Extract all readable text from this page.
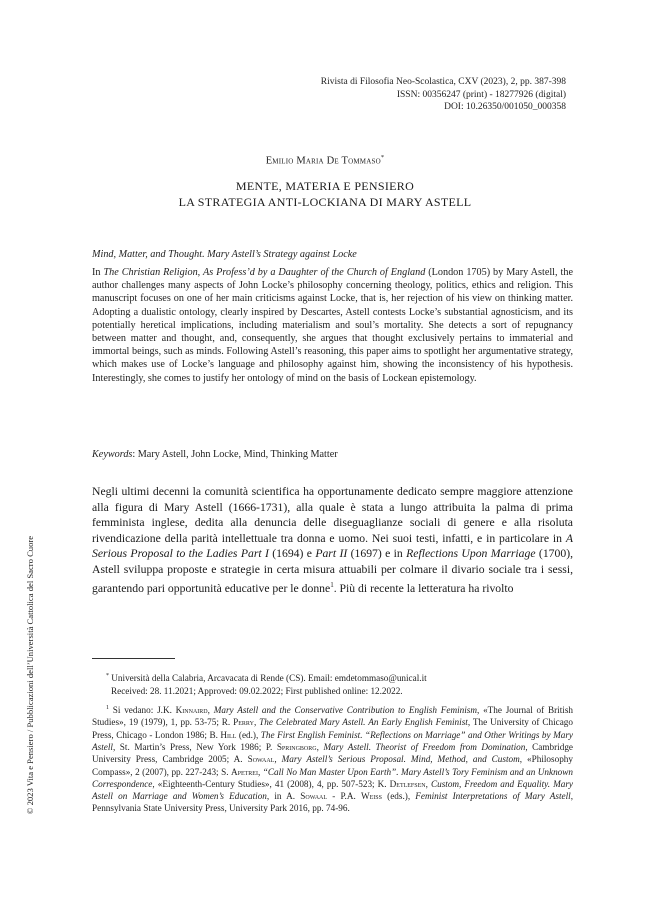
Rivista di Filosofia Neo-Scolastica, CXV (2023), 2, pp. 387-398
ISSN: 00356247 (print) - 18277926 (digital)
DOI: 10.26350/001050_000358
Emilio Maria De Tommaso*
MENTE, MATERIA E PENSIERO
LA STRATEGIA ANTI-LOCKIANA DI MARY ASTELL
Mind, Matter, and Thought. Mary Astell’s Strategy against Locke

In The Christian Religion, As Profess’d by a Daughter of the Church of England (London 1705) by Mary Astell, the author challenges many aspects of John Locke’s philosophy concerning theology, politics, ethics and religion. This manuscript focuses on one of her main criticisms against Locke, that is, her rejection of his view on thinking matter. Adopting a dualistic ontology, clearly inspired by Descartes, Astell contests Locke’s substantial agnosticism, and its potentially heretical implications, including materialism and soul’s mortality. She detects a sort of repugnancy between matter and thought, and, consequently, she argues that thought exclusively pertains to immaterial and immortal beings, such as minds. Following Astell’s reasoning, this paper aims to spotlight her argumentative strategy, which makes use of Locke’s language and philosophy against him, showing the inconsistency of his hypothesis. Interestingly, she comes to justify her ontology of mind on the basis of Lockean epistemology.

Keywords: Mary Astell, John Locke, Mind, Thinking Matter

Negli ultimi decenni la comunità scientifica ha opportunamente dedicato sempre maggiore attenzione alla figura di Mary Astell (1666-1731), alla quale è stata a lungo attribuita la palma di prima femminista inglese, dedita alla denuncia delle diseguaglianze sociali di genere e alla risoluta rivendicazione della parità intellettuale tra donna e uomo. Nei suoi testi, infatti, e in particolare in A Serious Proposal to the Ladies Part I (1694) e Part II (1697) e in Reflections Upon Marriage (1700), Astell sviluppa proposte e strategie in certa misura attuabili per colmare il divario sociale tra i sessi, garantendo pari opportunità educative per le donne$^1$. Più di recente la letteratura ha rivolto

* Università della Calabria, Arcavacata di Rende (CS). Email: emdetommaso@unical.it

Received: 28. 11.2021; Approved: 09.02.2022; First published online: 12.2022.

$^1$ Si vedano: J.K. Kinnaird, Mary Astell and the Conservative Contribution to English Feminism, «The Journal of British Studies», 19 (1979), 1, pp. 53-75; R. Perry, The Celebrated Mary Astell. An Early English Feminist, The University of Chicago Press, Chicago - London 1986; B. Hill (ed.), The First English Feminist. “Reflections on Marriage” and Other Writings by Mary Astell, St. Martin’s Press, New York 1986; P. Springborg, Mary Astell. Theorist of Freedom from Domination, Cambridge University Press, Cambridge 2005; A. Sowaal, Mary Astell’s Serious Proposal. Mind, Method, and Custom, «Philosophy Compass», 2 (2007), pp. 227-243; S. Apetrei, “Call No Man Master Upon Earth”. Mary Astell’s Tory Feminism and an Unknown Correspondence, «Eighteenth-Century Studies», 41 (2008), 4, pp. 507-523; K. Detlefsen, Custom, Freedom and Equality. Mary Astell on Marriage and Women’s Education, in A. Sowaal - P.A. Weiss (eds.), Feminist Interpretations of Mary Astell, Pennsylvania State University Press, University Park 2016, pp. 74-96.

© 2023 Vita e Pensiero / Pubblicazioni dell’Università Cattolica del Sacro Cuore
